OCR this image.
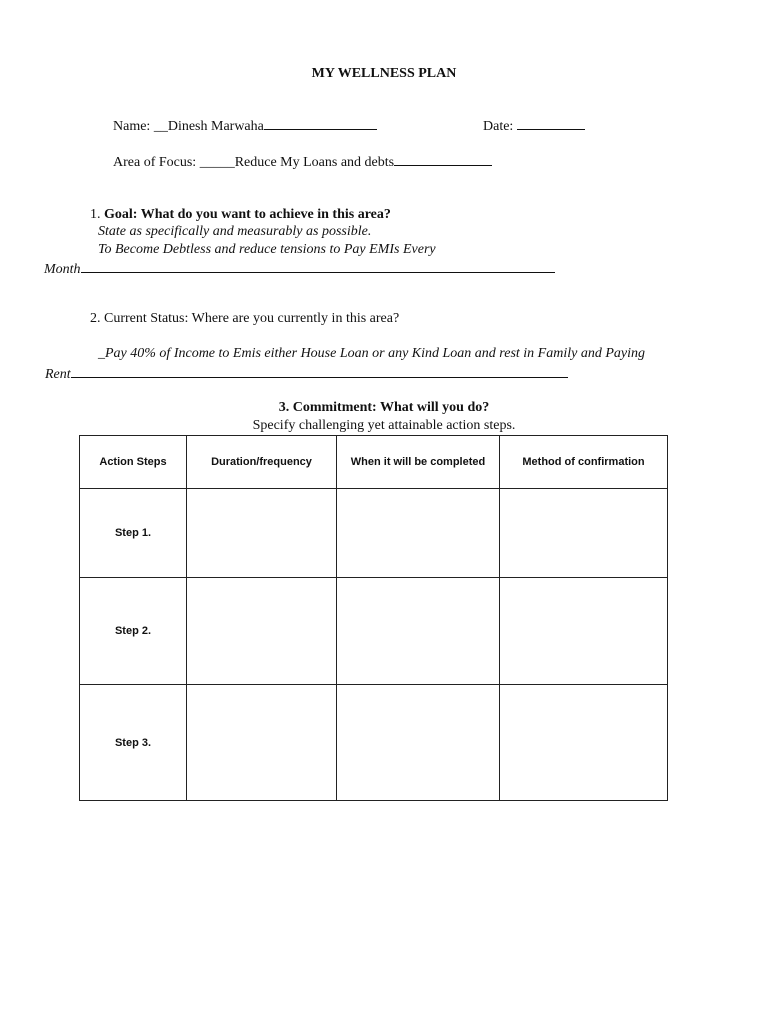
MY WELLNESS PLAN
Name: __Dinesh Marwaha	Date:
Area of Focus: _____Reduce My Loans and debts
1. Goal: What do you want to achieve in this area?
State as specifically and measurably as possible.
To Become Debtless and reduce tensions to Pay EMIs Every
Month
2. Current Status: Where are you currently in this area?
_Pay 40% of Income to Emis either House Loan or any Kind Loan and rest in Family and Paying
Rent
3. Commitment: What will you do?
Specify challenging yet attainable action steps.
Action Steps	Duration/frequency	When it will be completed	Method of confirmation
Step 1.			
Step 2.			
Step 3.			
